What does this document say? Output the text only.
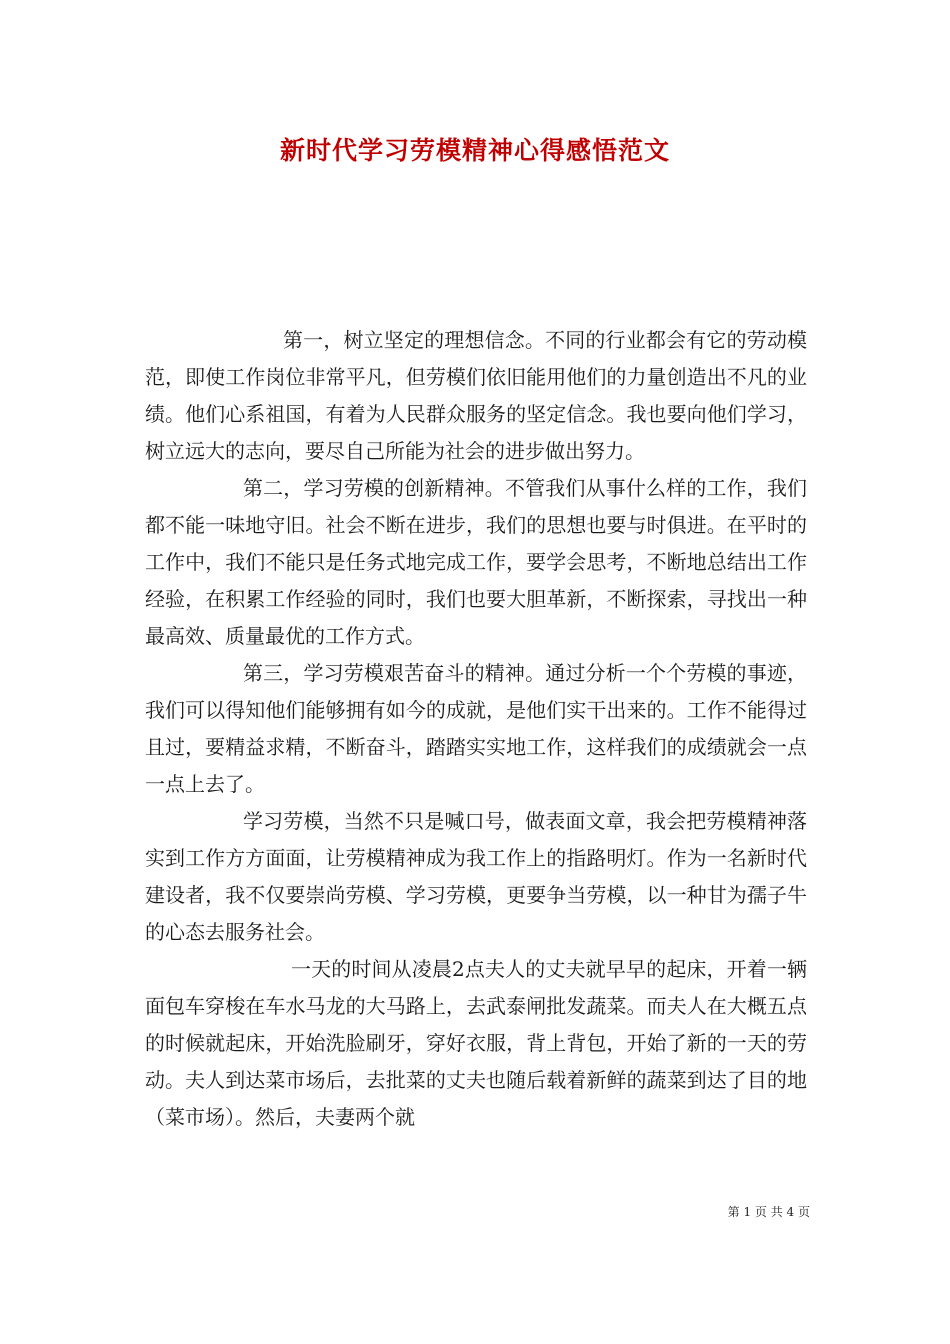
新时代学习劳模精神心得感悟范文

第一，树立坚定的理想信念。不同的行业都会有它的劳动模范，即使工作岗位非常平凡，但劳模们依旧能用他们的力量创造出不凡的业绩。他们心系祖国，有着为人民群众服务的坚定信念。我也要向他们学习，树立远大的志向，要尽自己所能为社会的进步做出努力。

第二，学习劳模的创新精神。不管我们从事什么样的工作，我们都不能一味地守旧。社会不断在进步，我们的思想也要与时俱进。在平时的工作中，我们不能只是任务式地完成工作，要学会思考，不断地总结出工作经验，在积累工作经验的同时，我们也要大胆革新，不断探索，寻找出一种最高效、质量最优的工作方式。

第三，学习劳模艰苦奋斗的精神。通过分析一个个劳模的事迹，我们可以得知他们能够拥有如今的成就，是他们实干出来的。工作不能得过且过，要精益求精，不断奋斗，踏踏实实地工作，这样我们的成绩就会一点一点上去了。

学习劳模，当然不只是喊口号，做表面文章，我会把劳模精神落实到工作方方面面，让劳模精神成为我工作上的指路明灯。作为一名新时代建设者，我不仅要崇尚劳模、学习劳模，更要争当劳模，以一种甘为孺子牛的心态去服务社会。

一天的时间从凌晨2点夫人的丈夫就早早的起床，开着一辆面包车穿梭在车水马龙的大马路上，去武泰闸批发蔬菜。而夫人在大概五点的时候就起床，开始洗脸刷牙，穿好衣服，背上背包，开始了新的一天的劳动。夫人到达菜市场后，去批菜的丈夫也随后载着新鲜的蔬菜到达了目的地（菜市场）。然后，夫妻两个就

第 1 页 共 4 页
